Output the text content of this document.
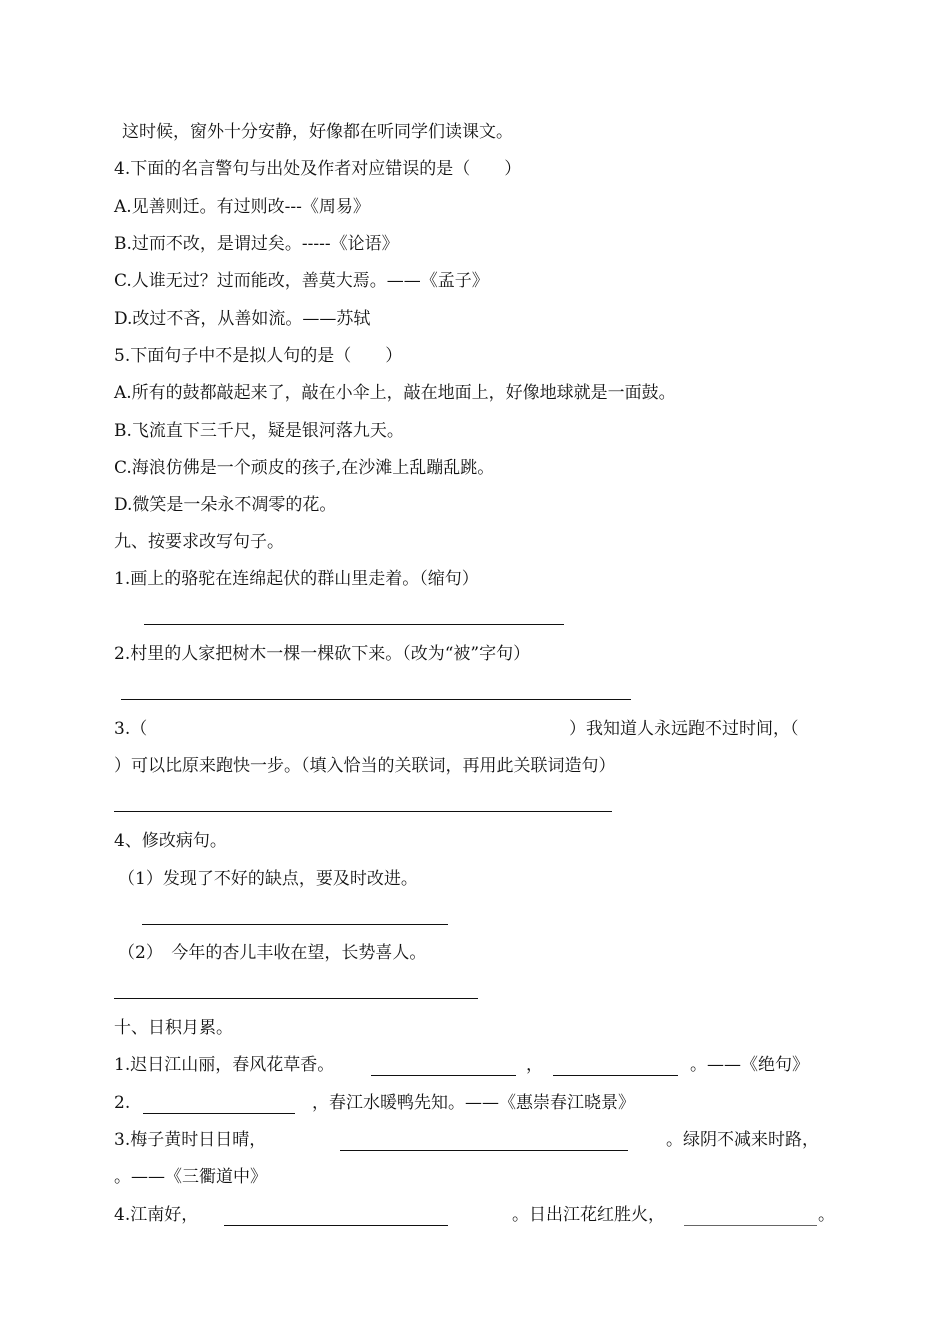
这时候，窗外十分安静，好像都在听同学们读课文。
4.下面的名言警句与出处及作者对应错误的是（　　）
A.见善则迁。有过则改---《周易》
B.过而不改，是谓过矣。-----《论语》
C.人谁无过？过而能改，善莫大焉。——《孟子》
D.改过不吝，从善如流。——苏轼
5.下面句子中不是拟人句的是（　　）
A.所有的鼓都敲起来了，敲在小伞上，敲在地面上，好像地球就是一面鼓。
B.飞流直下三千尺，疑是银河落九天。
C.海浪仿佛是一个顽皮的孩子,在沙滩上乱蹦乱跳。
D.微笑是一朵永不凋零的花。
九、按要求改写句子。
1.画上的骆驼在连绵起伏的群山里走着。（缩句）
2.村里的人家把树木一棵一棵砍下来。（改为“被”字句）
3.（	）我知道人永远跑不过时间，（
）可以比原来跑快一步。（填入恰当的关联词，再用此关联词造句）
4、修改病句。
（1）发现了不好的缺点，要及时改进。
（2）　今年的杏儿丰收在望，长势喜人。
十、日积月累。
1.迟日江山丽，春风花草香。	，	。——《绝句》
2.	，春江水暖鸭先知。——《惠崇春江晓景》
3.梅子黄时日日晴，	。绿阴不减来时路，
。——《三衢道中》
4.江南好，	。日出江花红胜火，	。
